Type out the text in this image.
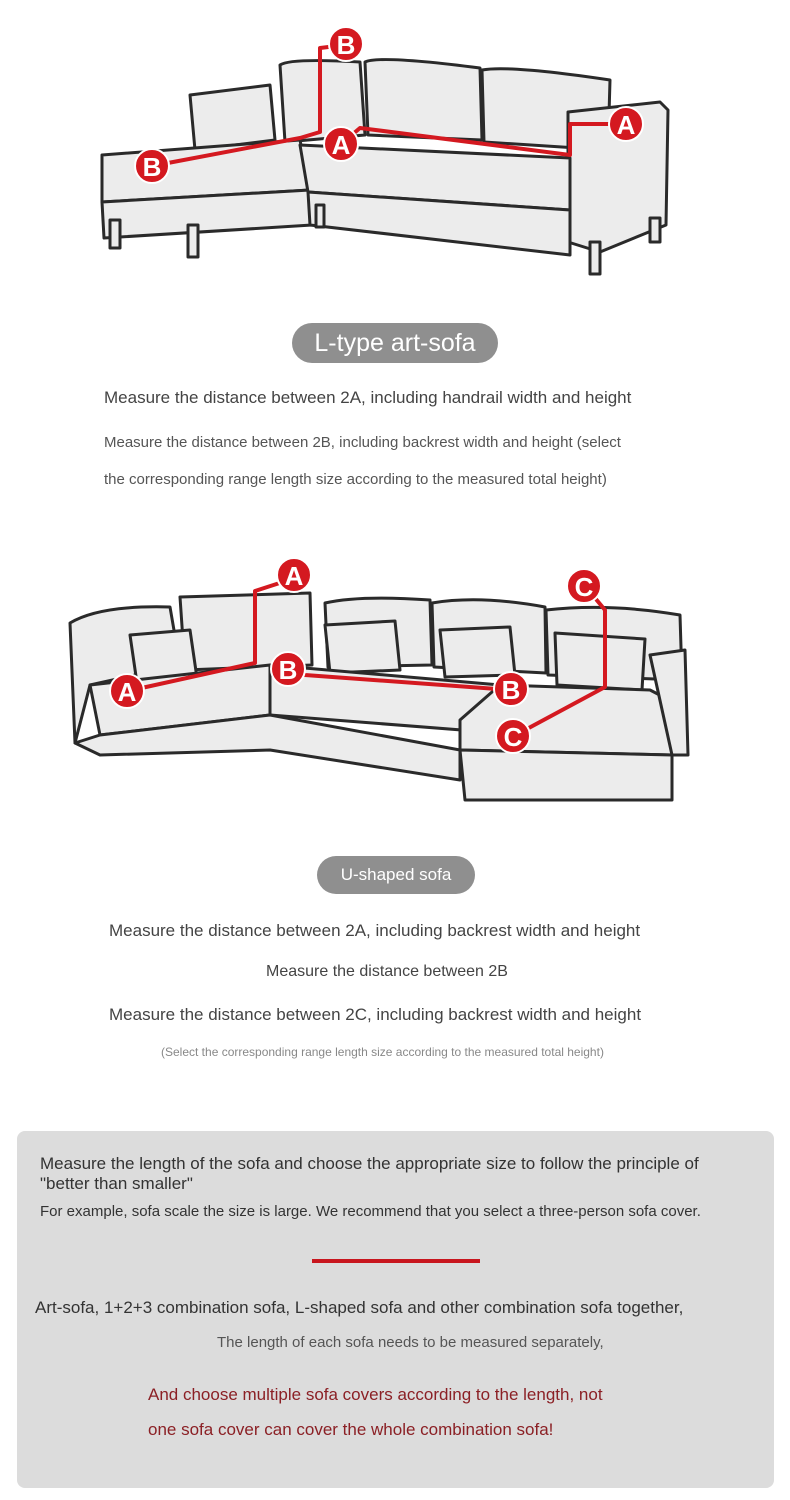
B
B
A
A
L-type art-sofa
Measure the distance between 2A, including handrail width and height
Measure the distance between 2B, including backrest width and height (select
the corresponding range length size according to the measured total height)
A
A
B
B
C
C
U-shaped sofa
Measure the distance between 2A, including backrest width and height
Measure the distance between 2B
Measure the distance between 2C, including backrest width and height
(Select the corresponding range length size according to the measured total height)
Measure the length of the sofa and choose the appropriate size to follow the principle of
"better than smaller"
For example, sofa scale the size is large. We recommend that you select a three-person sofa cover.
Art-sofa, 1+2+3 combination sofa, L-shaped sofa and other combination sofa together,
The length of each sofa needs to be measured separately,
And choose multiple sofa covers according to the length, not
one sofa cover can cover the whole combination sofa!
